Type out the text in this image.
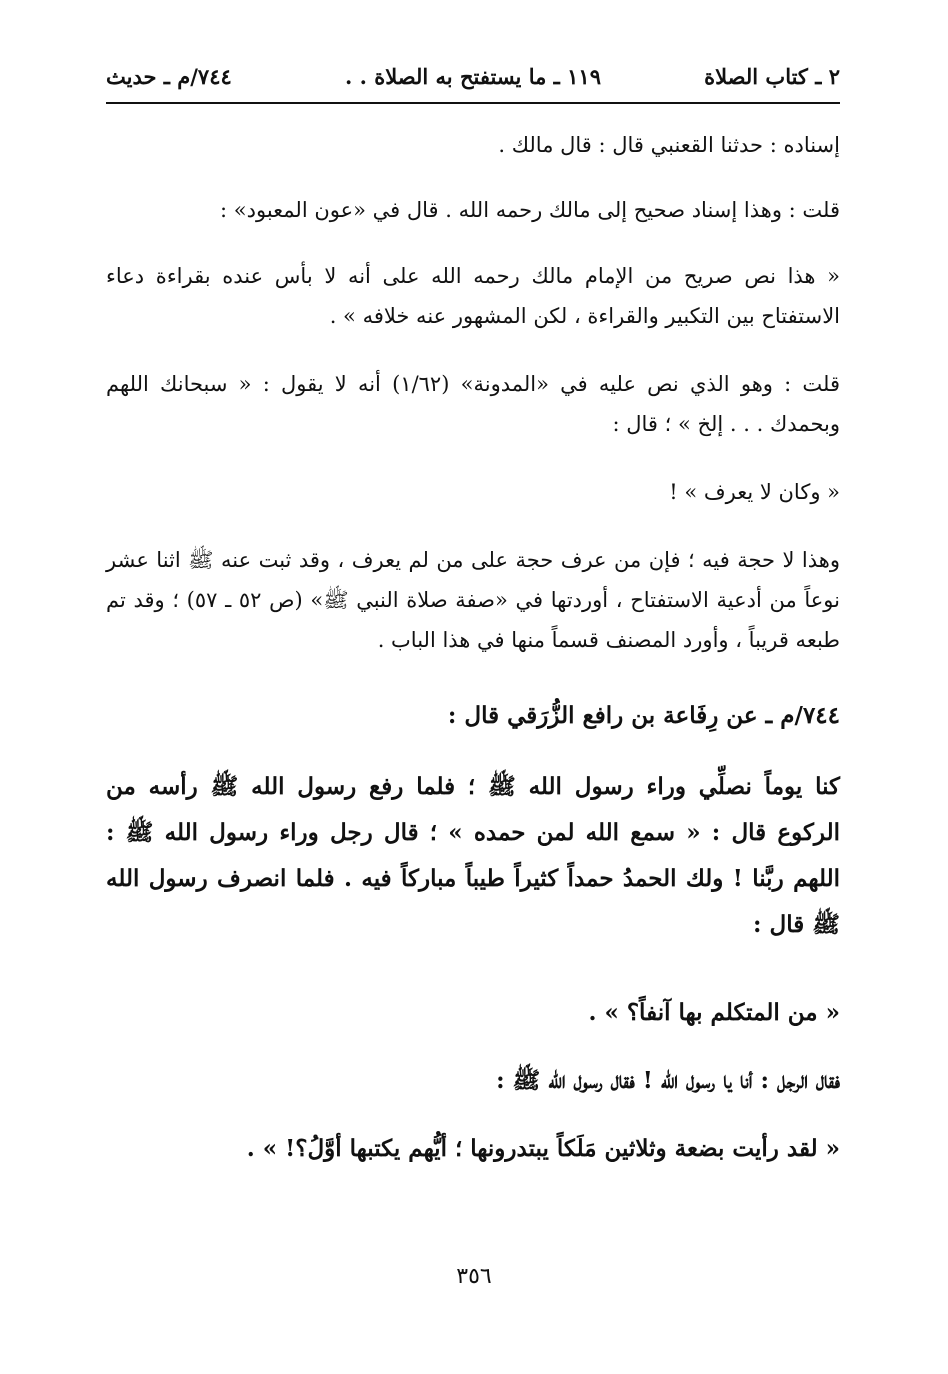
٢ ـ كتاب الصلاة
١١٩ ـ ما يستفتح به الصلاة . .
٧٤٤/م ـ حديث

إسناده : حدثنا القعنبي قال : قال مالك .

قلت : وهذا إسناد صحيح إلى مالك رحمه الله . قال في «عون المعبود» :

« هذا نص صريح من الإمام مالك رحمه الله على أنه لا بأس عنده بقراءة دعاء الاستفتاح بين التكبير والقراءة ، لكن المشهور عنه خلافه » .

قلت : وهو الذي نص عليه في «المدونة» (١/٦٢) أنه لا يقول : « سبحانك اللهم وبحمدك . . . إلخ » ؛ قال :

« وكان لا يعرف » !

وهذا لا حجة فيه ؛ فإن من عرف حجة على من لم يعرف ، وقد ثبت عنه ﷺ اثنا عشر نوعاً من أدعية الاستفتاح ، أوردتها في «صفة صلاة النبي ﷺ» (ص ٥٢ ـ ٥٧) ؛ وقد تم طبعه قريباً ، وأورد المصنف قسماً منها في هذا الباب .

٧٤٤/م ـ عن رِفَاعة بن رافع الزُّرَقي قال :

كنا يوماً نصلِّي وراء رسول الله ﷺ ؛ فلما رفع رسول الله ﷺ رأسه من الركوع قال : « سمع الله لمن حمده » ؛ قال رجل وراء رسول الله ﷺ : اللهم ربَّنا ! ولك الحمدُ حمداً كثيراً طيباً مباركاً فيه . فلما انصرف رسول الله ﷺ قال :

« من المتكلم بها آنفاً؟ » .

فقال الرجل : أنا يا رسول الله ! فقال رسول الله ﷺ :

« لقد رأيت بضعة وثلاثين مَلَكاً يبتدرونها ؛ أيُّهم يكتبها أوَّلُ؟! » .

٣٥٦
